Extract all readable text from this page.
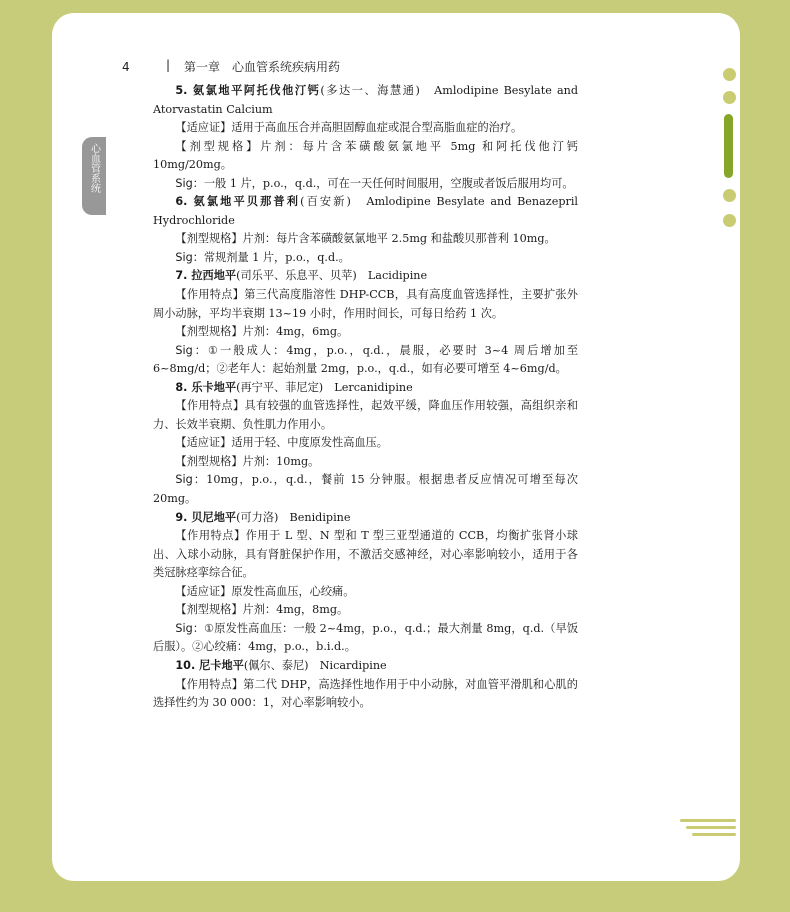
4	| 第一章　心血管系统疾病用药
心血管系统

5. 氨氯地平阿托伐他汀钙(多达一、海慧通)　Amlodipine Besylate and Atorvastatin Calcium

【适应证】适用于高血压合并高胆固醇血症或混合型高脂血症的治疗。

【剂型规格】片剂：每片含苯磺酸氨氯地平 5mg 和阿托伐他汀钙 10mg/20mg。

Sig：一般 1 片，p.o.，q.d.，可在一天任何时间服用，空腹或者饭后服用均可。

6. 氨氯地平贝那普利(百安新)　Amlodipine Besylate and Benazepril Hydrochloride

【剂型规格】片剂：每片含苯磺酸氨氯地平 2.5mg 和盐酸贝那普利 10mg。

Sig：常规剂量 1 片，p.o.，q.d.。

7. 拉西地平(司乐平、乐息平、贝苹)　Lacidipine

【作用特点】第三代高度脂溶性 DHP-CCB，具有高度血管选择性，主要扩张外周小动脉，平均半衰期 13~19 小时，作用时间长，可每日给药 1 次。

【剂型规格】片剂：4mg，6mg。

Sig：①一般成人：4mg，p.o.，q.d.，晨服，必要时 3~4 周后增加至 6~8mg/d；②老年人：起始剂量 2mg，p.o.，q.d.，如有必要可增至 4~6mg/d。

8. 乐卡地平(再宁平、菲尼定)　Lercanidipine

【作用特点】具有较强的血管选择性，起效平缓，降血压作用较强，高组织亲和力、长效半衰期、负性肌力作用小。

【适应证】适用于轻、中度原发性高血压。

【剂型规格】片剂：10mg。

Sig：10mg，p.o.，q.d.，餐前 15 分钟服。根据患者反应情况可增至每次 20mg。

9. 贝尼地平(可力洛)　Benidipine

【作用特点】作用于 L 型、N 型和 T 型三亚型通道的 CCB，均衡扩张肾小球出、入球小动脉，具有肾脏保护作用，不激活交感神经，对心率影响较小，适用于各类冠脉痉挛综合征。

【适应证】原发性高血压，心绞痛。

【剂型规格】片剂：4mg，8mg。

Sig：①原发性高血压：一般 2~4mg，p.o.，q.d.；最大剂量 8mg，q.d.（早饭后服）。②心绞痛：4mg，p.o.，b.i.d.。

10. 尼卡地平(佩尔、泰尼)　Nicardipine

【作用特点】第二代 DHP，高选择性地作用于中小动脉，对血管平滑肌和心肌的选择性约为 30 000：1，对心率影响较小。
